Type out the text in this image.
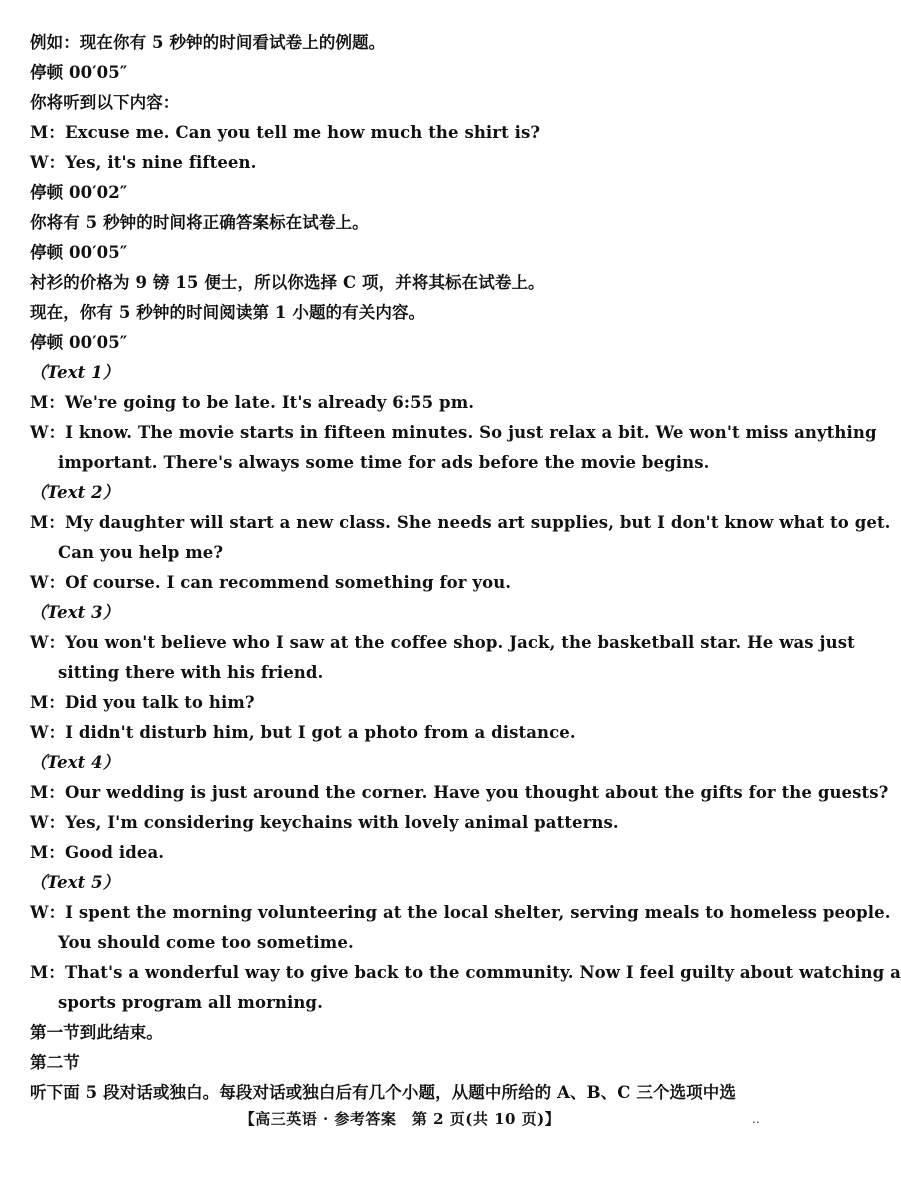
例如：现在你有 5 秒钟的时间看试卷上的例题。
停顿 00′05″
你将听到以下内容：
M：Excuse me. Can you tell me how much the shirt is?
W：Yes, it's nine fifteen.
停顿 00′02″
你将有 5 秒钟的时间将正确答案标在试卷上。
停顿 00′05″
衬衫的价格为 9 镑 15 便士，所以你选择 C 项，并将其标在试卷上。
现在，你有 5 秒钟的时间阅读第 1 小题的有关内容。
停顿 00′05″
（Text 1）
M：We're going to be late. It's already 6:55 pm.
W：I know. The movie starts in fifteen minutes. So just relax a bit. We won't miss anything
important. There's always some time for ads before the movie begins.
（Text 2）
M：My daughter will start a new class. She needs art supplies, but I don't know what to get.
Can you help me?
W：Of course. I can recommend something for you.
（Text 3）
W：You won't believe who I saw at the coffee shop. Jack, the basketball star. He was just
sitting there with his friend.
M：Did you talk to him?
W：I didn't disturb him, but I got a photo from a distance.
（Text 4）
M：Our wedding is just around the corner. Have you thought about the gifts for the guests?
W：Yes, I'm considering keychains with lovely animal patterns.
M：Good idea.
（Text 5）
W：I spent the morning volunteering at the local shelter, serving meals to homeless people.
You should come too sometime.
M：That's a wonderful way to give back to the community. Now I feel guilty about watching a
sports program all morning.
第一节到此结束。
第二节
听下面 5 段对话或独白。每段对话或独白后有几个小题，从题中所给的 A、B、C 三个选项中选
【高三英语 · 参考答案　第 2 页(共 10 页)】	..
